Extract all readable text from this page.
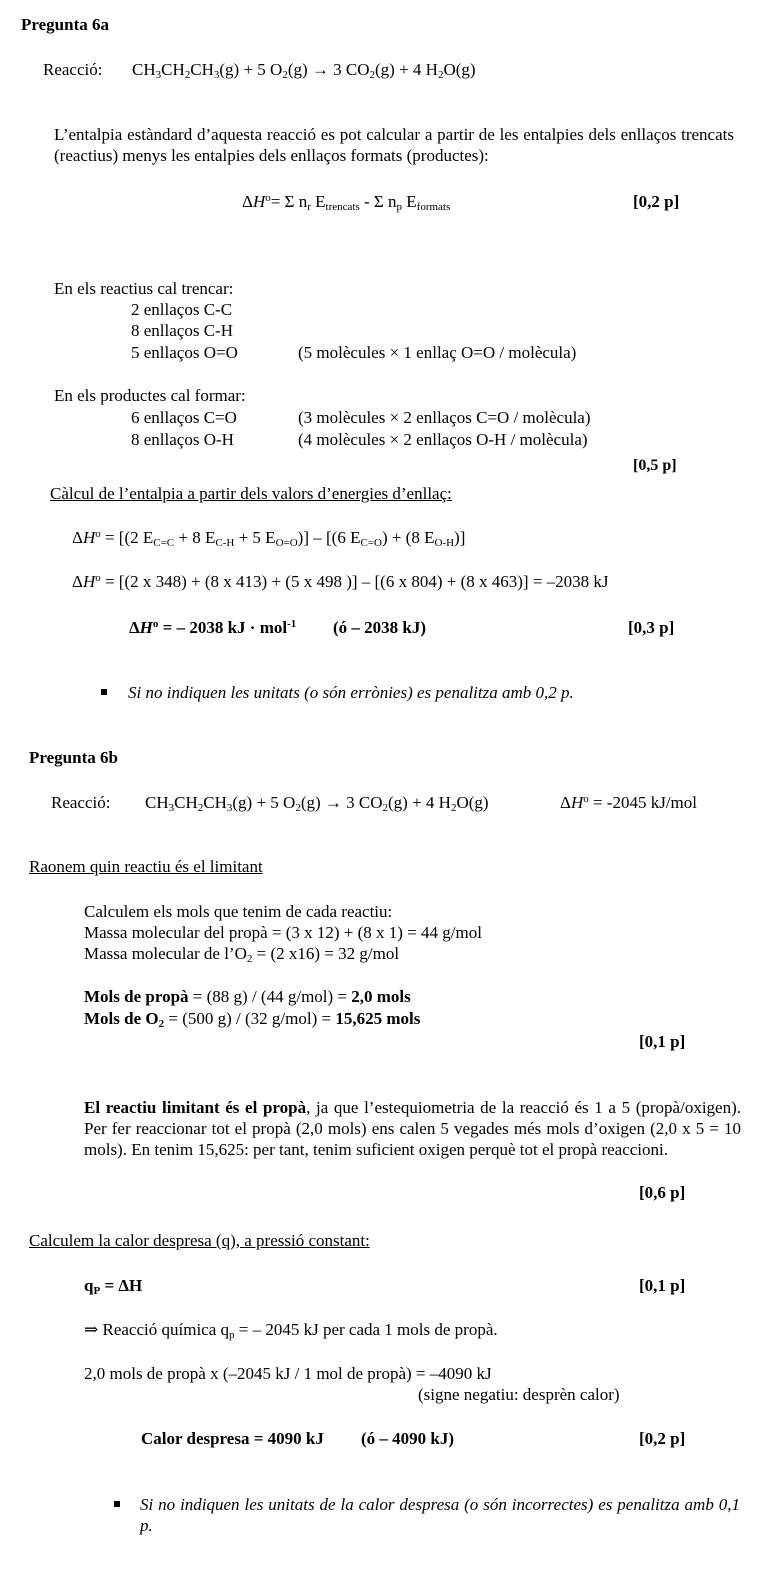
Pregunta 6a
Reacció: $CH_3CH_2CH_3(g) + 5$ $O_2(g) \to 3$ $CO_2(g) + 4$ $H_2O(g)$
L’entalpia estàndard d’aquesta reacció es pot calcular a partir de les entalpies dels enllaços trencats (reactius) menys les entalpies dels enllaços formats (productes):
$\Delta H^o= \Sigma$ $n_r$ $E_{trencats}$ - Σ $n_p$ $E_{formats}$	[0,2 p]
En els reactius cal trencar:
2 enllaços C-C
8 enllaços C-H
5 enllaços O=O	(5 molècules × 1 enllaç O=O / molècula)
En els productes cal formar:
6 enllaços C=O	(3 molècules × 2 enllaços C=O / molècula)
8 enllaços O-H	(4 molècules × 2 enllaços O-H / molècula)
[0,5 p]
Càlcul de l’entalpia a partir dels valors d’energies d’enllaç:
$\Delta H^o = [(2$ $E_{C=C} + 8$ $E_{C-H} + 5$ $E_{O=O})] - [(6$ $E_{C=O}) + (8$ $E_{O-H}$)]
$\Delta H^o = [(2$ x 348) + (8 x 413) + (5 x 498 )] – [(6 x 804) + (8 x 463)] = –2038 kJ
$\Delta H^o$ = – 2038 kJ · mol$^{-1}$ (ó – 2038 kJ)	[0,3 p]
Si no indiquen les unitats (o són errònies) es penalitza amb 0,2 p.
Pregunta 6b
Reacció: $CH_3CH_2CH_3(g) + 5$ $O_2(g) \to 3$ $CO_2(g) + 4$ $H_2O(g)$	$\Delta H^o = -2045$ kJ/mol
Raonem quin reactiu és el limitant
Calculem els mols que tenim de cada reactiu:
Massa molecular del propà = (3 x 12) + (8 x 1) = 44 g/mol
Massa molecular de $l’O_2 = (2$ x16) = 32 g/mol
Mols de propà = (88 g) / (44 g/mol) = 2,0 mols
Mols de $O_2 = (500$ g) / (32 g/mol) = 15,625 mols
[0,1 p]
El reactiu limitant és el propà, ja que l’estequiometria de la reacció és 1 a 5 (propà/oxigen). Per fer reaccionar tot el propà (2,0 mols) ens calen 5 vegades més mols d’oxigen (2,0 x 5 = 10 mols). En tenim 15,625: per tant, tenim suficient oxigen perquè tot el propà reaccioni.
[0,6 p]
Calculem la calor despresa (q), a pressió constant:
$q_P = \Delta H$	[0,1 p]
⇒ Reacció química $q_p$ = – 2045 kJ per cada 1 mols de propà.
2,0 mols de propà x (–2045 kJ / 1 mol de propà) = –4090 kJ
(signe negatiu: desprèn calor)
Calor despresa = 4090 kJ (ó – 4090 kJ)	[0,2 p]
Si no indiquen les unitats de la calor despresa (o són incorrectes) es penalitza amb 0,1 p.
